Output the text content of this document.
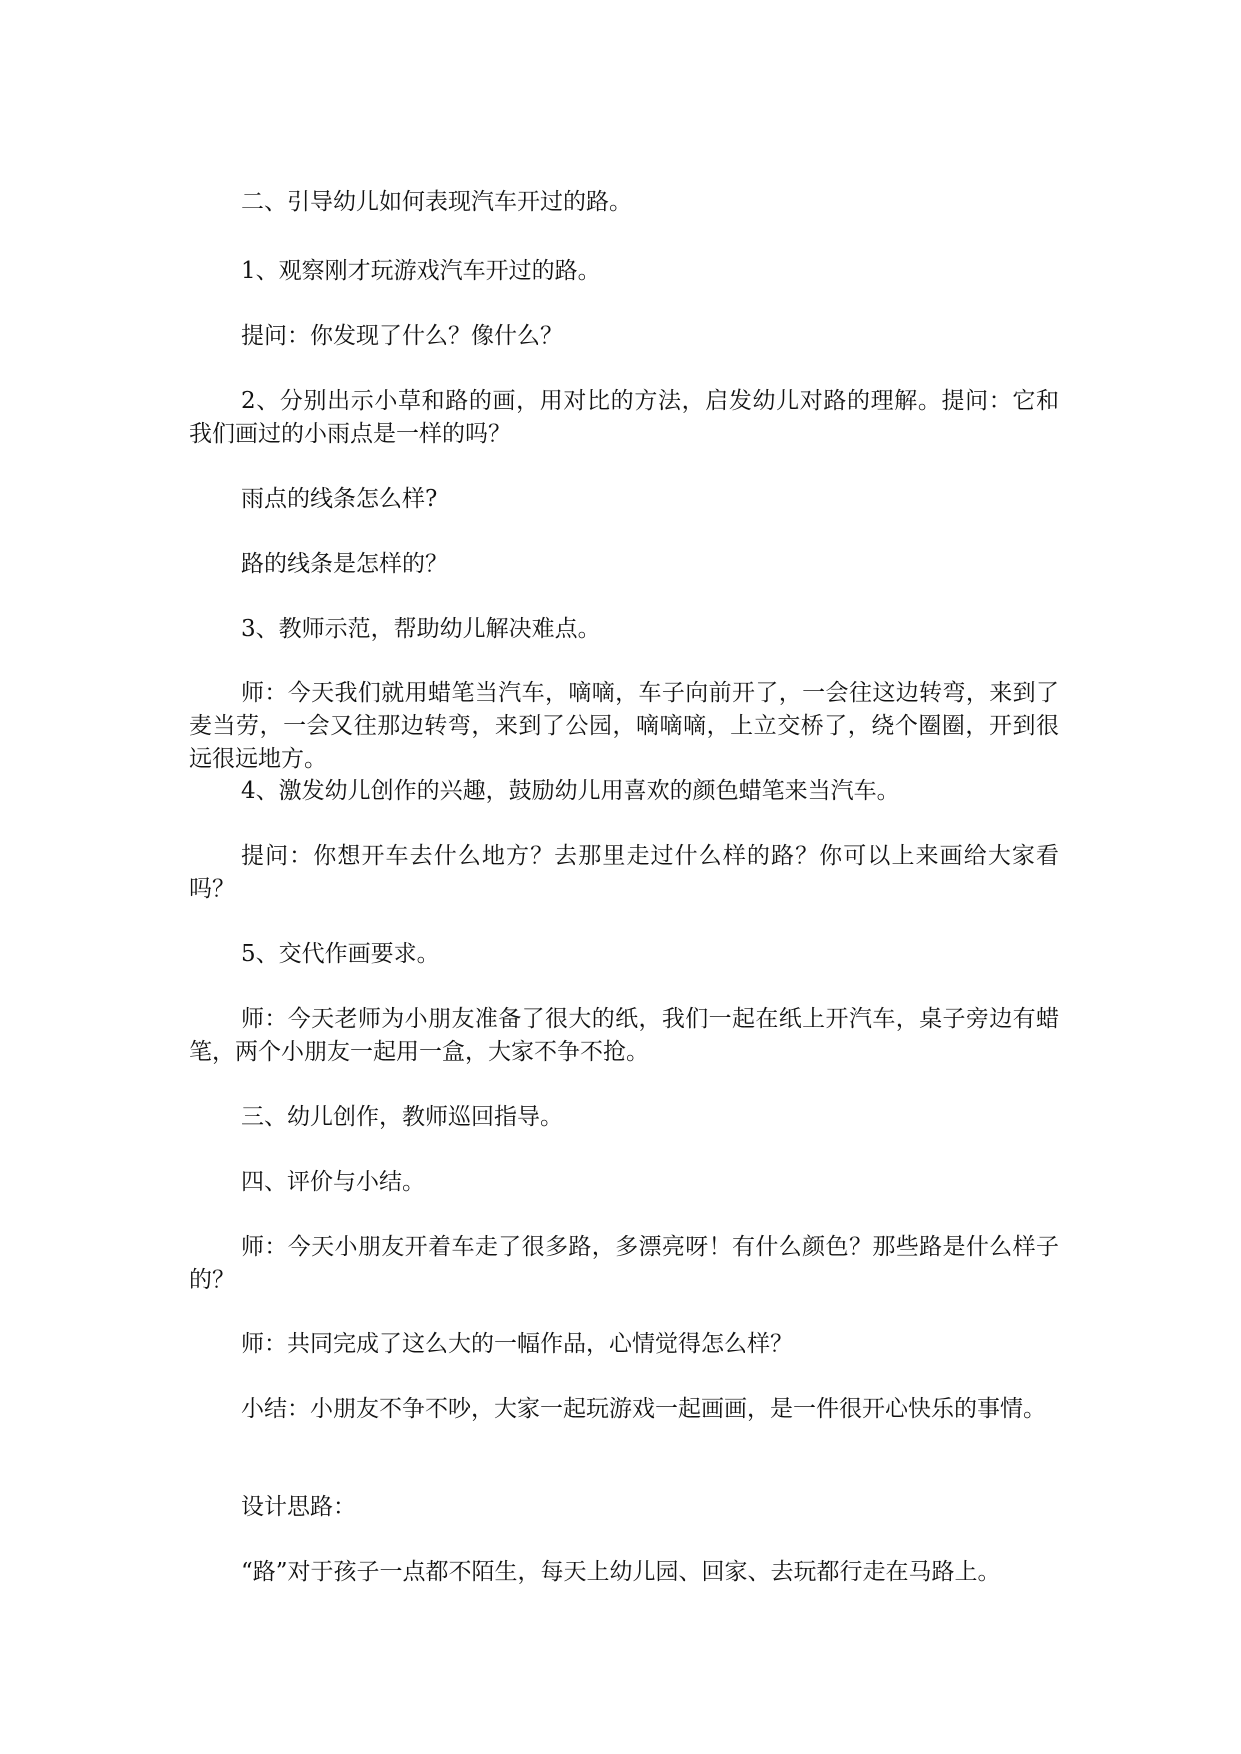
二、引导幼儿如何表现汽车开过的路。

1、观察刚才玩游戏汽车开过的路。

提问：你发现了什么？像什么？

2、分别出示小草和路的画，用对比的方法，启发幼儿对路的理解。提问：它和我们画过的小雨点是一样的吗？

雨点的线条怎么样?

路的线条是怎样的？

3、教师示范，帮助幼儿解决难点。

师：今天我们就用蜡笔当汽车，嘀嘀，车子向前开了，一会往这边转弯，来到了麦当劳，一会又往那边转弯，来到了公园，嘀嘀嘀，上立交桥了，绕个圈圈，开到很远很远地方。

4、激发幼儿创作的兴趣，鼓励幼儿用喜欢的颜色蜡笔来当汽车。

提问：你想开车去什么地方？去那里走过什么样的路？你可以上来画给大家看吗？

5、交代作画要求。

师：今天老师为小朋友准备了很大的纸，我们一起在纸上开汽车，桌子旁边有蜡笔，两个小朋友一起用一盒，大家不争不抢。

三、幼儿创作，教师巡回指导。

四、评价与小结。

师：今天小朋友开着车走了很多路，多漂亮呀！有什么颜色？那些路是什么样子的？

师：共同完成了这么大的一幅作品，心情觉得怎么样？

小结：小朋友不争不吵，大家一起玩游戏一起画画，是一件很开心快乐的事情。

设计思路：

“路”对于孩子一点都不陌生，每天上幼儿园、回家、去玩都行走在马路上。
